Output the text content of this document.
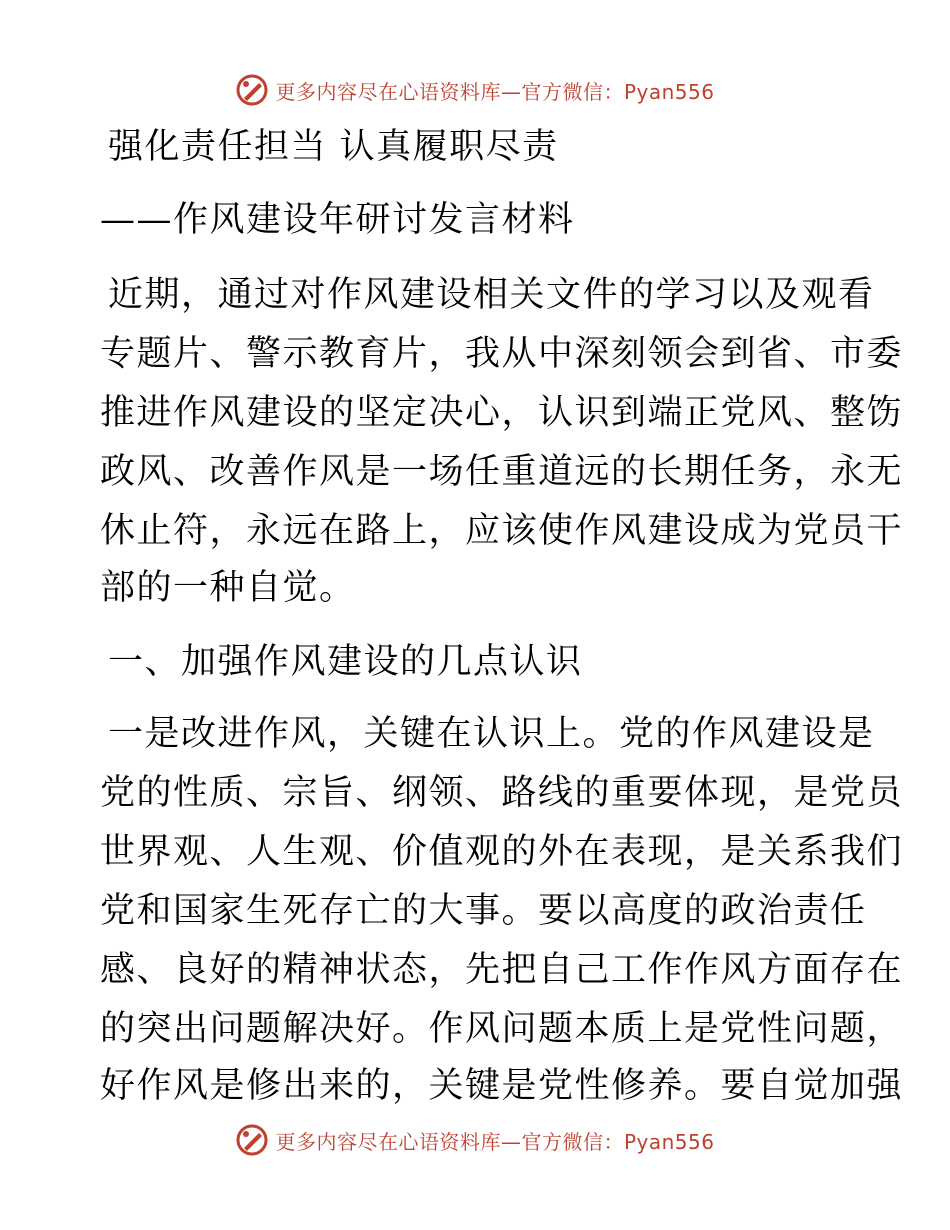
更多内容尽在心语资料库—官方微信：Pyan556
强化责任担当 认真履职尽责
——作风建设年研讨发言材料
近期，通过对作风建设相关文件的学习以及观看
专题片、警示教育片，我从中深刻领会到省、市委
推进作风建设的坚定决心，认识到端正党风、整饬
政风、改善作风是一场任重道远的长期任务，永无
休止符，永远在路上，应该使作风建设成为党员干
部的一种自觉。
一、加强作风建设的几点认识
一是改进作风，关键在认识上。党的作风建设是
党的性质、宗旨、纲领、路线的重要体现，是党员
世界观、人生观、价值观的外在表现，是关系我们
党和国家生死存亡的大事。要以高度的政治责任
感、良好的精神状态，先把自己工作作风方面存在
的突出问题解决好。作风问题本质上是党性问题，
好作风是修出来的，关键是党性修养。要自觉加强
更多内容尽在心语资料库—官方微信：Pyan556
